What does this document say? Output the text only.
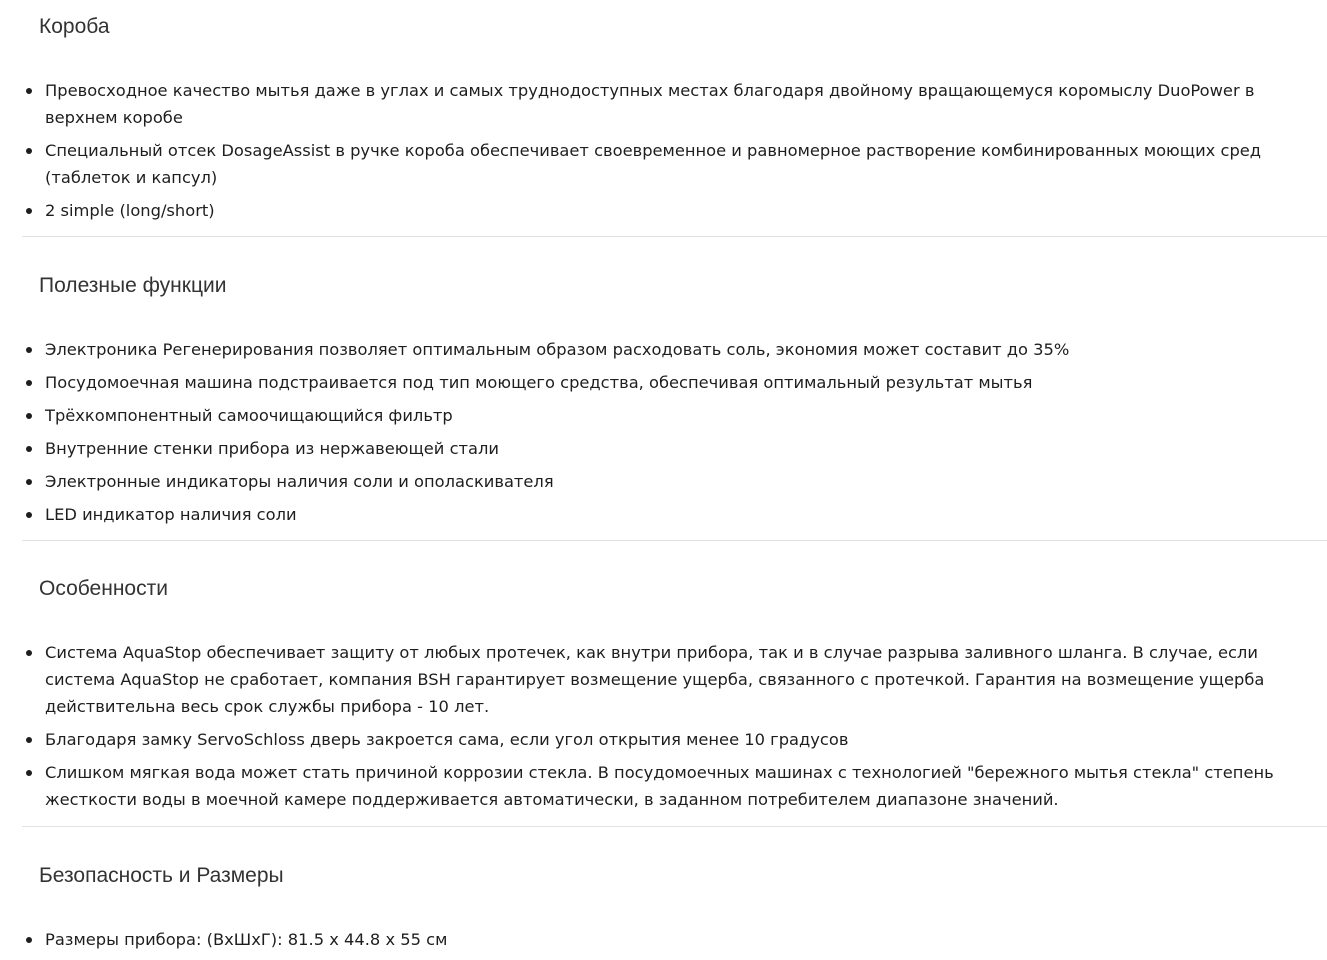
Короба
Превосходное качество мытья даже в углах и самых труднодоступных местах благодаря двойному вращающемуся коромыслу DuoPower в верхнем коробе
Специальный отсек DosageAssist в ручке короба обеспечивает своевременное и равномерное растворение комбинированных моющих сред
(таблеток и капсул)
2 simple (long/short)
Полезные функции
Электроника Регенерирования позволяет оптимальным образом расходовать соль, экономия может составит до 35%
Посудомоечная машина подстраивается под тип моющего средства, обеспечивая оптимальный результат мытья
Трёхкомпонентный самоочищающийся фильтр
Внутренние стенки прибора из нержавеющей стали
Электронные индикаторы наличия соли и ополаскивателя
LED индикатор наличия соли
Особенности
Система AquaStop обеспечивает защиту от любых протечек, как внутри прибора, так и в случае разрыва заливного шланга. В случае, если система AquaStop не сработает, компания BSH гарантирует возмещение ущерба, связанного с протечкой. Гарантия на возмещение ущерба действительна весь срок службы прибора - 10 лет.
Благодаря замку ServoSchloss дверь закроется сама, если угол открытия менее 10 градусов
Слишком мягкая вода может стать причиной коррозии стекла. В посудомоечных машинах с технологией "бережного мытья стекла" степень жесткости воды в моечной камере поддерживается автоматически, в заданном потребителем диапазоне значений.
Безопасность и Размеры
Размеры прибора: (ВхШхГ): 81.5 x 44.8 x 55 см
